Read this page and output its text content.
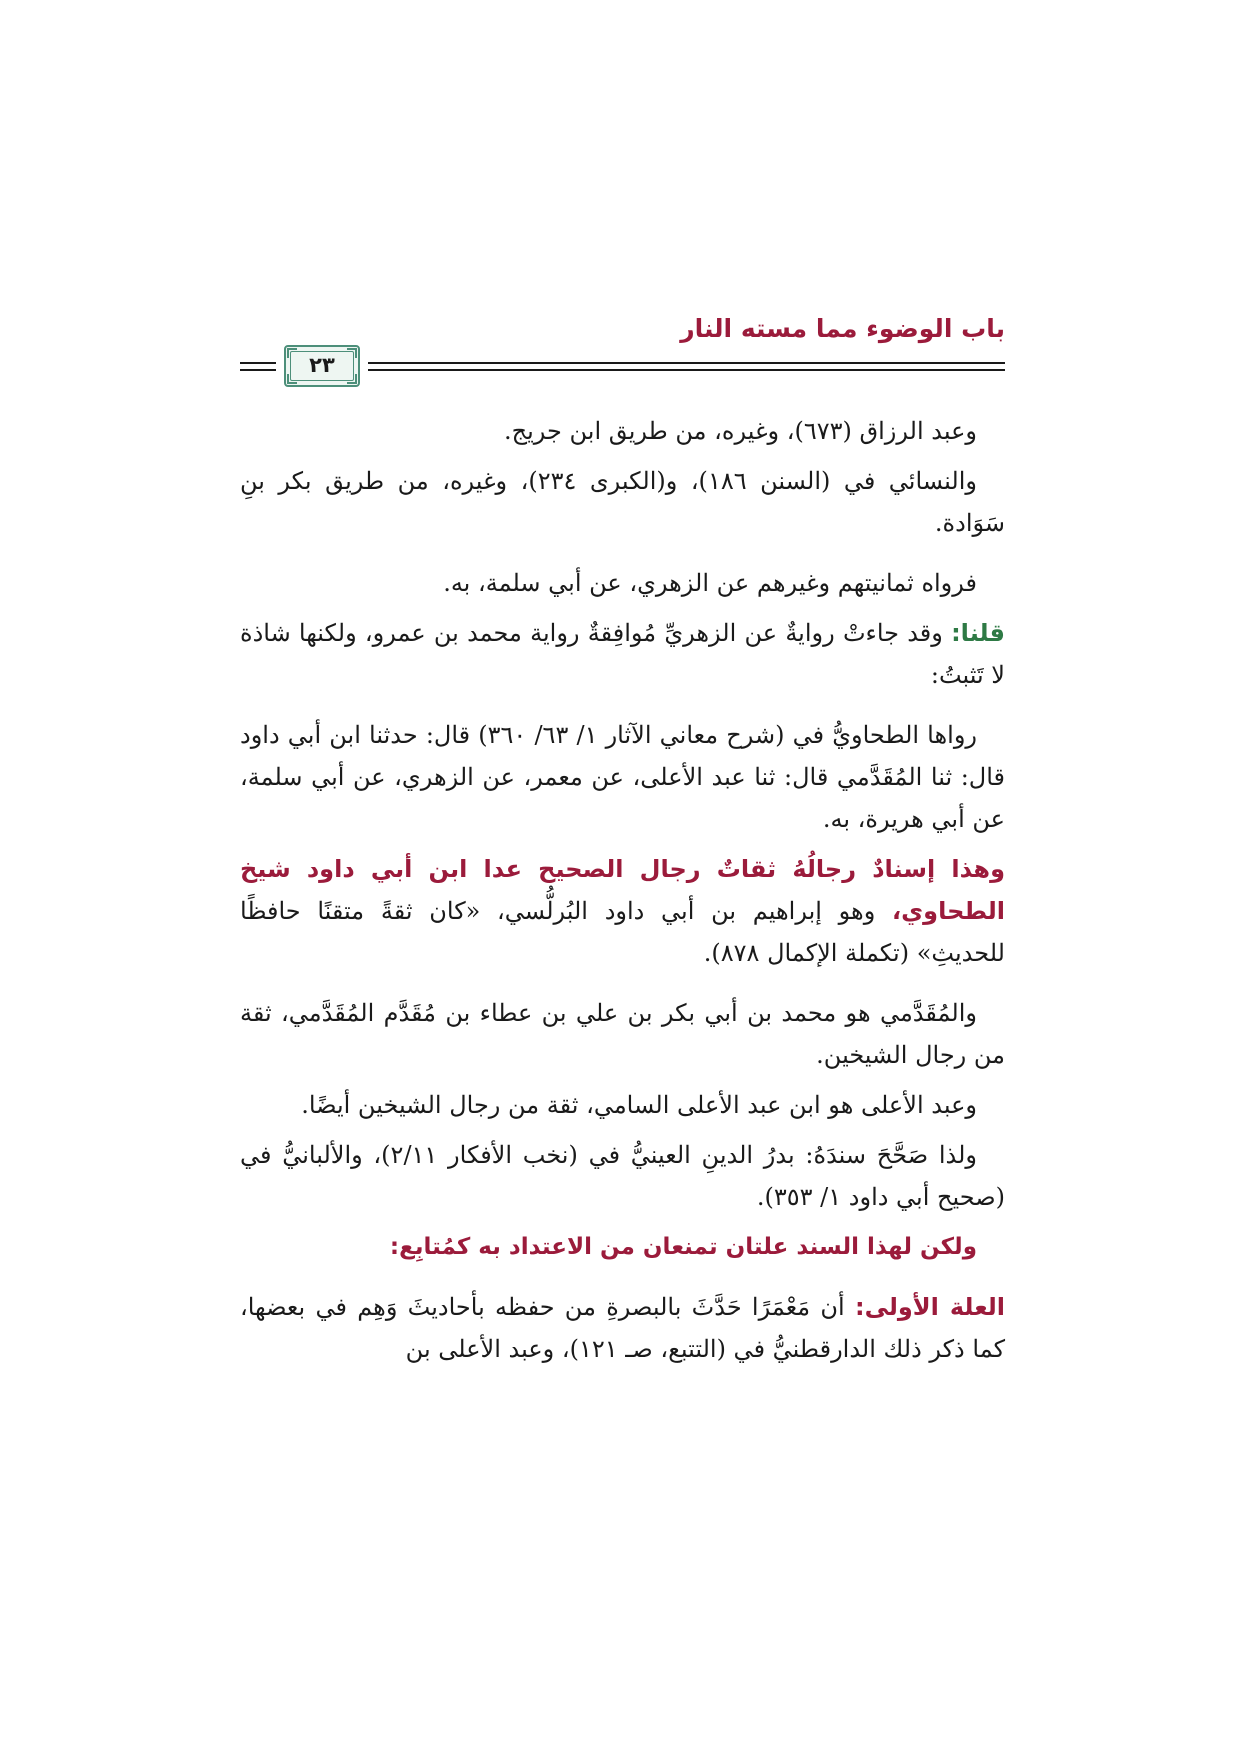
باب الوضوء مما مسته النار
٢٣

وعبد الرزاق (٦٧٣)، وغيره، من طريق ابن جريج.

والنسائي في (السنن ١٨٦)، و(الكبرى ٢٣٤)، وغيره، من طريق بكر بنِ سَوَادة.

فرواه ثمانيتهم وغيرهم عن الزهري، عن أبي سلمة، به.

قلنا: وقد جاءتْ روايةٌ عن الزهريِّ مُوافِقةٌ رواية محمد بن عمرو، ولكنها شاذة لا تَثبتُ:

رواها الطحاويُّ في (شرح معاني الآثار ١/ ٦٣/ ٣٦٠) قال: حدثنا ابن أبي داود قال: ثنا المُقَدَّمي قال: ثنا عبد الأعلى، عن معمر، عن الزهري، عن أبي سلمة، عن أبي هريرة، به.

وهذا إسنادٌ رجالُهُ ثقاتٌ رجال الصحيح عدا ابن أبي داود شيخ الطحاوي، وهو إبراهيم بن أبي داود البُرلُّسي، «كان ثقةً متقنًا حافظًا للحديثِ» (تكملة الإكمال ٨٧٨).

والمُقَدَّمي هو محمد بن أبي بكر بن علي بن عطاء بن مُقَدَّم المُقَدَّمي، ثقة من رجال الشيخين.

وعبد الأعلى هو ابن عبد الأعلى السامي، ثقة من رجال الشيخين أيضًا.

ولذا صَحَّحَ سندَهُ: بدرُ الدينِ العينيُّ في (نخب الأفكار ٢/١١)، والألبانيُّ في (صحيح أبي داود ١/ ٣٥٣).

ولكن لهذا السند علتان تمنعان من الاعتداد به كمُتابِع:

العلة الأولى: أن مَعْمَرًا حَدَّثَ بالبصرةِ من حفظه بأحاديثَ وَهِم في بعضها، كما ذكر ذلك الدارقطنيُّ في (التتبع، صـ ١٢١)، وعبد الأعلى بن
